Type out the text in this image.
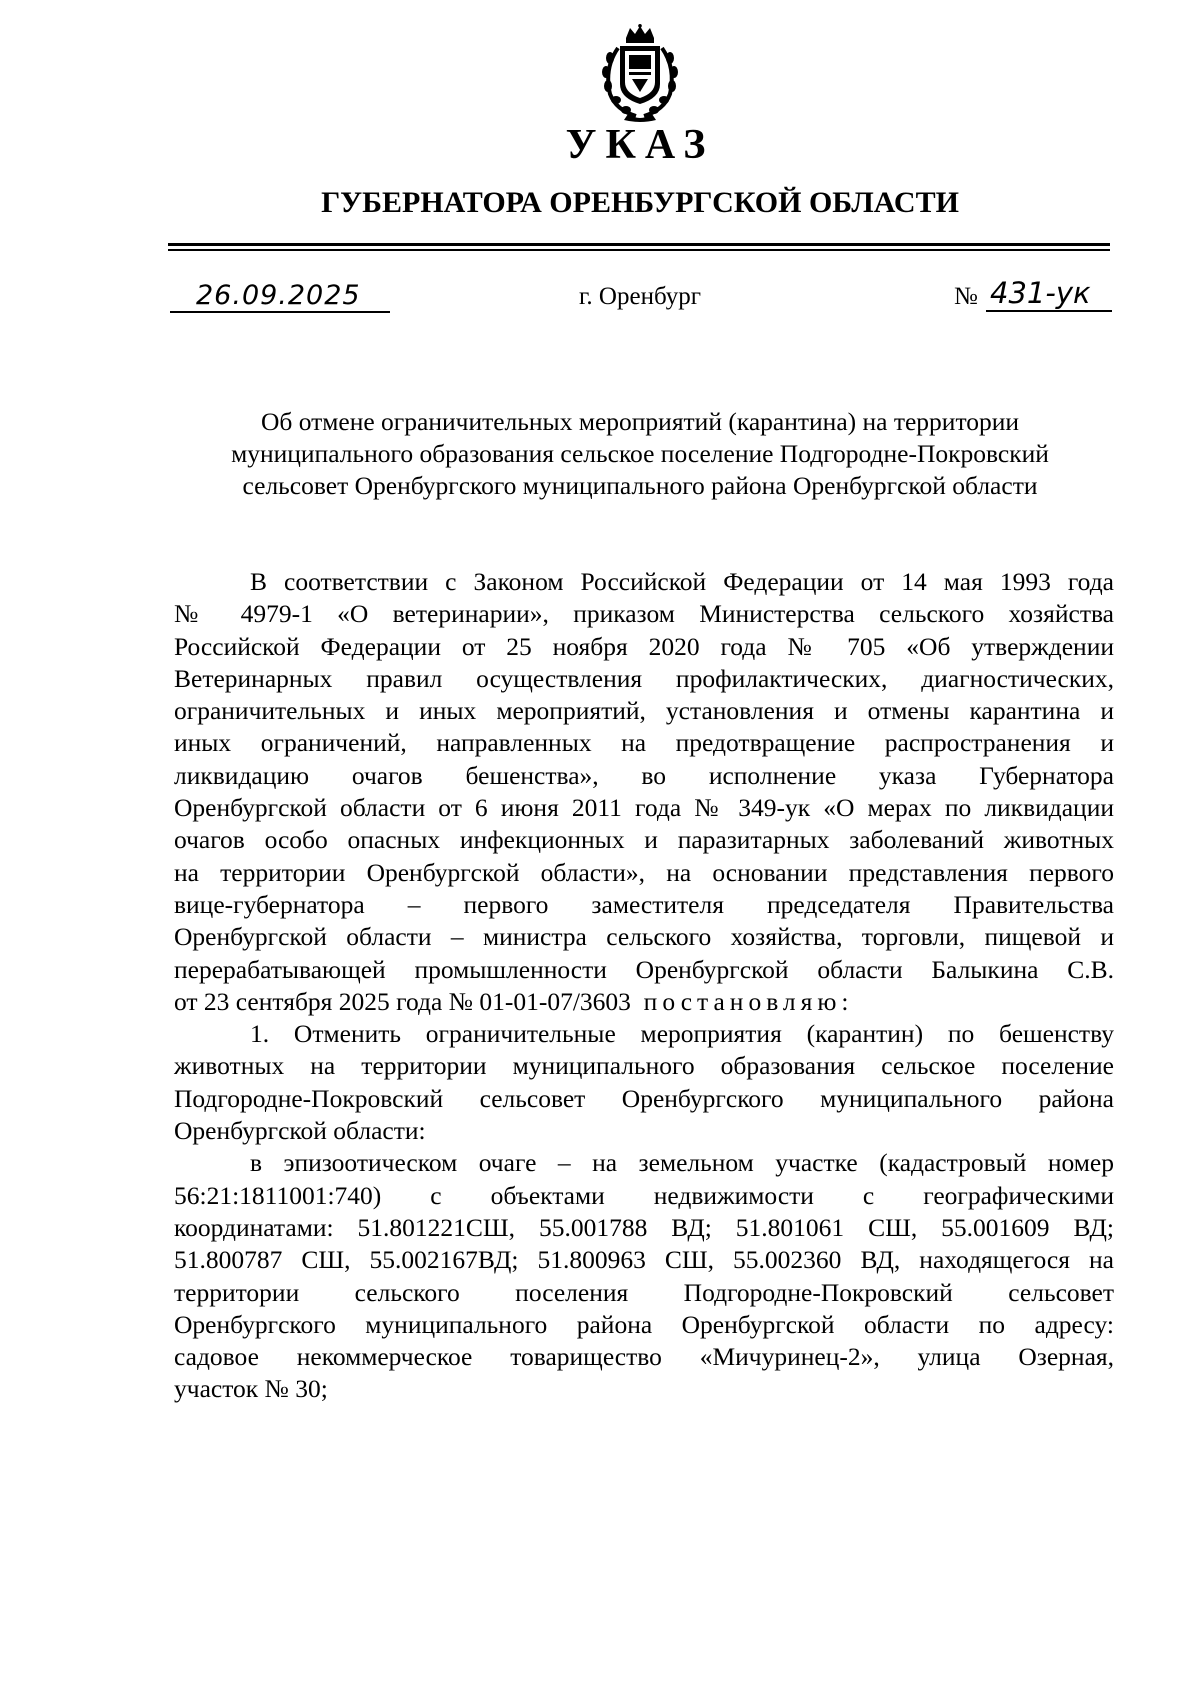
УКАЗ
ГУБЕРНАТОРА ОРЕНБУРГСКОЙ ОБЛАСТИ
26.09.2025	г. Оренбург	№ 431-ук
Об отмене ограничительных мероприятий (карантина) на территории
муниципального образования сельское поселение Подгородне-Покровский
сельсовет Оренбургского муниципального района Оренбургской области
В соответствии с Законом Российской Федерации от 14 мая 1993 года
№ 4979-1 «О ветеринарии», приказом Министерства сельского хозяйства
Российской Федерации от 25 ноября 2020 года № 705 «Об утверждении
Ветеринарных правил осуществления профилактических, диагностических,
ограничительных и иных мероприятий, установления и отмены карантина и
иных ограничений, направленных на предотвращение распространения и
ликвидацию очагов бешенства», во исполнение указа Губернатора
Оренбургской области от 6 июня 2011 года № 349-ук «О мерах по ликвидации
очагов особо опасных инфекционных и паразитарных заболеваний животных
на территории Оренбургской области», на основании представления первого
вице-губернатора – первого заместителя председателя Правительства
Оренбургской области – министра сельского хозяйства, торговли, пищевой и
перерабатывающей промышленности Оренбургской области Балыкина С.В.
от 23 сентября 2025 года № 01-01-07/3603 постановляю:
1. Отменить ограничительные мероприятия (карантин) по бешенству
животных на территории муниципального образования сельское поселение
Подгородне-Покровский сельсовет Оренбургского муниципального района
Оренбургской области:
в эпизоотическом очаге – на земельном участке (кадастровый номер
56:21:1811001:740) с объектами недвижимости с географическими
координатами: 51.801221СШ, 55.001788 ВД; 51.801061 СШ, 55.001609 ВД;
51.800787 СШ, 55.002167ВД; 51.800963 СШ, 55.002360 ВД, находящегося на
территории сельского поселения Подгородне-Покровский сельсовет
Оренбургского муниципального района Оренбургской области по адресу:
садовое некоммерческое товарищество «Мичуринец-2», улица Озерная,
участок № 30;
